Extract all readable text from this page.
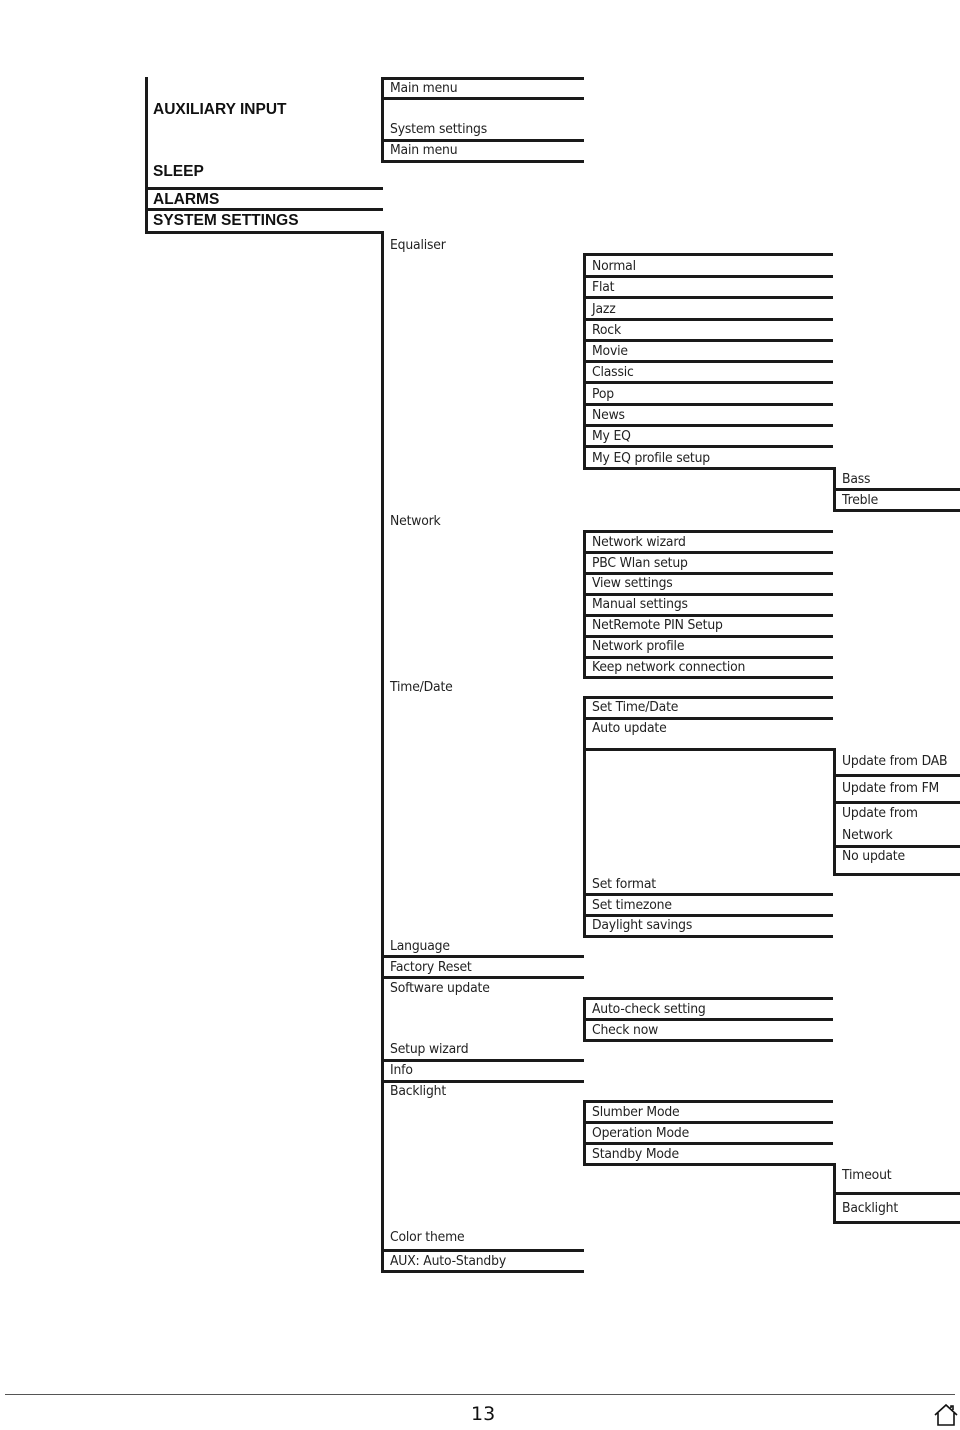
AUXILIARY INPUT
SLEEP
ALARMS
SYSTEM SETTINGS
Main menu
System settings
Main menu
Equaliser
Network
Time/Date
Language
Factory Reset
Software update
Setup wizard
Info
Backlight
Color theme
AUX: Auto-Standby
Normal
Flat
Jazz
Rock
Movie
Classic
Pop
News
My EQ
My EQ profile setup
Bass
Treble
Network wizard
PBC Wlan setup
View settings
Manual settings
NetRemote PIN Setup
Network profile
Keep network connection
Set Time/Date
Auto update
Set format
Set timezone
Daylight savings
Update from DAB
Update from FM
Update from
Network
No update
Auto-check setting
Check now
Slumber Mode
Operation Mode
Standby Mode
Timeout
Backlight
13
